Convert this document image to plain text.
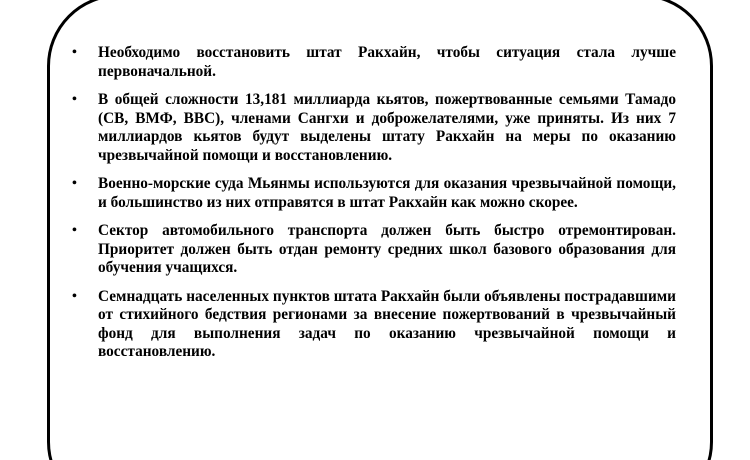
• Необходимо восстановить штат Ракхайн, чтобы ситуация стала лучше первоначальной.
• В общей сложности 13,181 миллиарда кьятов, пожертвованные семьями Тамадо (СВ, ВМФ, ВВС), членами Сангхи и доброжелателями, уже приняты. Из них 7 миллиардов кьятов будут выделены штату Ракхайн на меры по оказанию чрезвычайной помощи и восстановлению.
• Военно-морские суда Мьянмы используются для оказания чрезвычайной помощи, и большинство из них отправятся в штат Ракхайн как можно скорее.
• Сектор автомобильного транспорта должен быть быстро отремонтирован. Приоритет должен быть отдан ремонту средних школ базового образования для обучения учащихся.
• Семнадцать населенных пунктов штата Ракхайн были объявлены пострадавшими от стихийного бедствия регионами за внесение пожертвований в чрезвычайный фонд для выполнения задач по оказанию чрезвычайной помощи и восстановлению.
